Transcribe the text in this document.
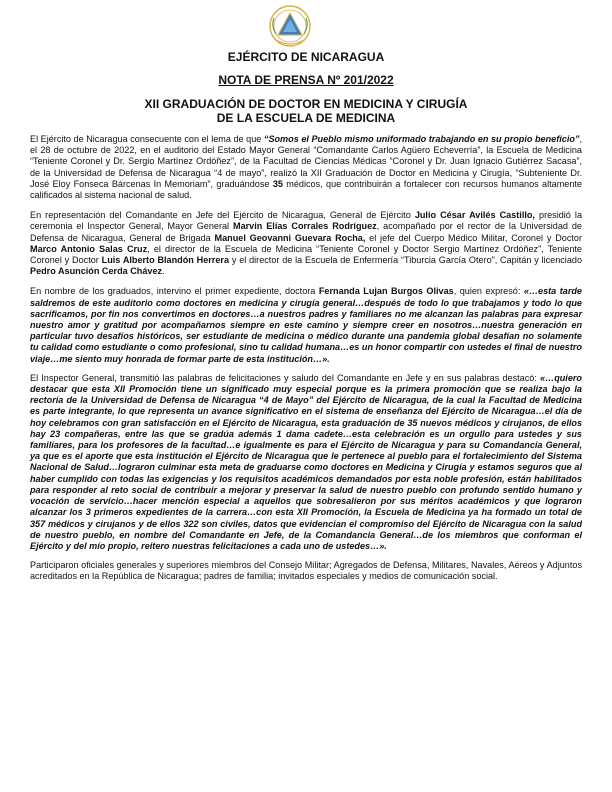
EJÉRCITO DE NICARAGUA
NOTA DE PRENSA Nº 201/2022
XII GRADUACIÓN DE DOCTOR EN MEDICINA Y CIRUGÍA
DE LA ESCUELA DE MEDICINA

El Ejército de Nicaragua consecuente con el lema de que “Somos el Pueblo mismo uniformado trabajando en su propio beneficio”, el 28 de octubre de 2022, en el auditorio del Estado Mayor General “Comandante Carlos Agüero Echeverría”, la Escuela de Medicina “Teniente Coronel y Dr. Sergio Martínez Ordóñez”, de la Facultad de Ciencias Médicas “Coronel y Dr. Juan Ignacio Gutiérrez Sacasa”, de la Universidad de Defensa de Nicaragua “4 de mayo”, realizó la XII Graduación de Doctor en Medicina y Cirugía, “Subteniente Dr. José Eloy Fonseca Bárcenas In Memoriam”, graduándose 35 médicos, que contribuirán a fortalecer con recursos humanos altamente calificados al sistema nacional de salud.

En representación del Comandante en Jefe del Ejército de Nicaragua, General de Ejército Julio César Avilés Castillo, presidió la ceremonia el Inspector General, Mayor General Marvin Elías Corrales Rodríguez, acompañado por el rector de la Universidad de Defensa de Nicaragua, General de Brigada Manuel Geovanni Guevara Rocha, el jefe del Cuerpo Médico Militar, Coronel y Doctor Marco Antonio Salas Cruz, el director de la Escuela de Medicina “Teniente Coronel y Doctor Sergio Martínez Ordóñez”, Teniente Coronel y Doctor Luis Alberto Blandón Herrera y el director de la Escuela de Enfermería “Tiburcia García Otero”, Capitán y licenciado Pedro Asunción Cerda Chávez.

En nombre de los graduados, intervino el primer expediente, doctora Fernanda Lujan Burgos Olivas, quien expresó: «…esta tarde saldremos de este auditorio como doctores en medicina y cirugía general…después de todo lo que trabajamos y todo lo que sacrificamos, por fin nos convertimos en doctores…a nuestros padres y familiares no me alcanzan las palabras para expresar nuestro amor y gratitud por acompañarnos siempre en este camino y siempre creer en nosotros…nuestra generación en particular tuvo desafíos históricos, ser estudiante de medicina o médico durante una pandemia global desafían no solamente tu calidad como estudiante o como profesional, sino tu calidad humana…es un honor compartir con ustedes el final de nuestro viaje…me siento muy honrada de formar parte de esta institución…».

El Inspector General, transmitió las palabras de felicitaciones y saludo del Comandante en Jefe y en sus palabras destacó: «…quiero destacar que esta XII Promoción tiene un significado muy especial porque es la primera promoción que se realiza bajo la rectoría de la Universidad de Defensa de Nicaragua “4 de Mayo” del Ejército de Nicaragua, de la cual la Facultad de Medicina es parte integrante, lo que representa un avance significativo en el sistema de enseñanza del Ejército de Nicaragua…el día de hoy celebramos con gran satisfacción en el Ejército de Nicaragua, esta graduación de 35 nuevos médicos y cirujanos, de ellos hay 23 compañeras, entre las que se gradúa además 1 dama cadete…esta celebración es un orgullo para ustedes y sus familiares, para los profesores de la facultad…e igualmente es para el Ejército de Nicaragua y para su Comandancia General, ya que es el aporte que esta institución el Ejército de Nicaragua que le pertenece al pueblo para el fortalecimiento del Sistema Nacional de Salud…lograron culminar esta meta de graduarse como doctores en Medicina y Cirugía y estamos seguros que al haber cumplido con todas las exigencias y los requisitos académicos demandados por esta noble profesión, están habilitados para responder al reto social de contribuir a mejorar y preservar la salud de nuestro pueblo con profundo sentido humano y vocación de servicio…hacer mención especial a aquellos que sobresalieron por sus méritos académicos y que lograron alcanzar los 3 primeros expedientes de la carrera…con esta XII Promoción, la Escuela de Medicina ya ha formado un total de 357 médicos y cirujanos y de ellos 322 son civiles, datos que evidencian el compromiso del Ejército de Nicaragua con la salud de nuestro pueblo, en nombre del Comandante en Jefe, de la Comandancia General…de los miembros que conforman el Ejército y del mío propio, reitero nuestras felicitaciones a cada uno de ustedes…».

Participaron oficiales generales y superiores miembros del Consejo Militar; Agregados de Defensa, Militares, Navales, Aéreos y Adjuntos acreditados en la República de Nicaragua; padres de familia; invitados especiales y medios de comunicación social.
